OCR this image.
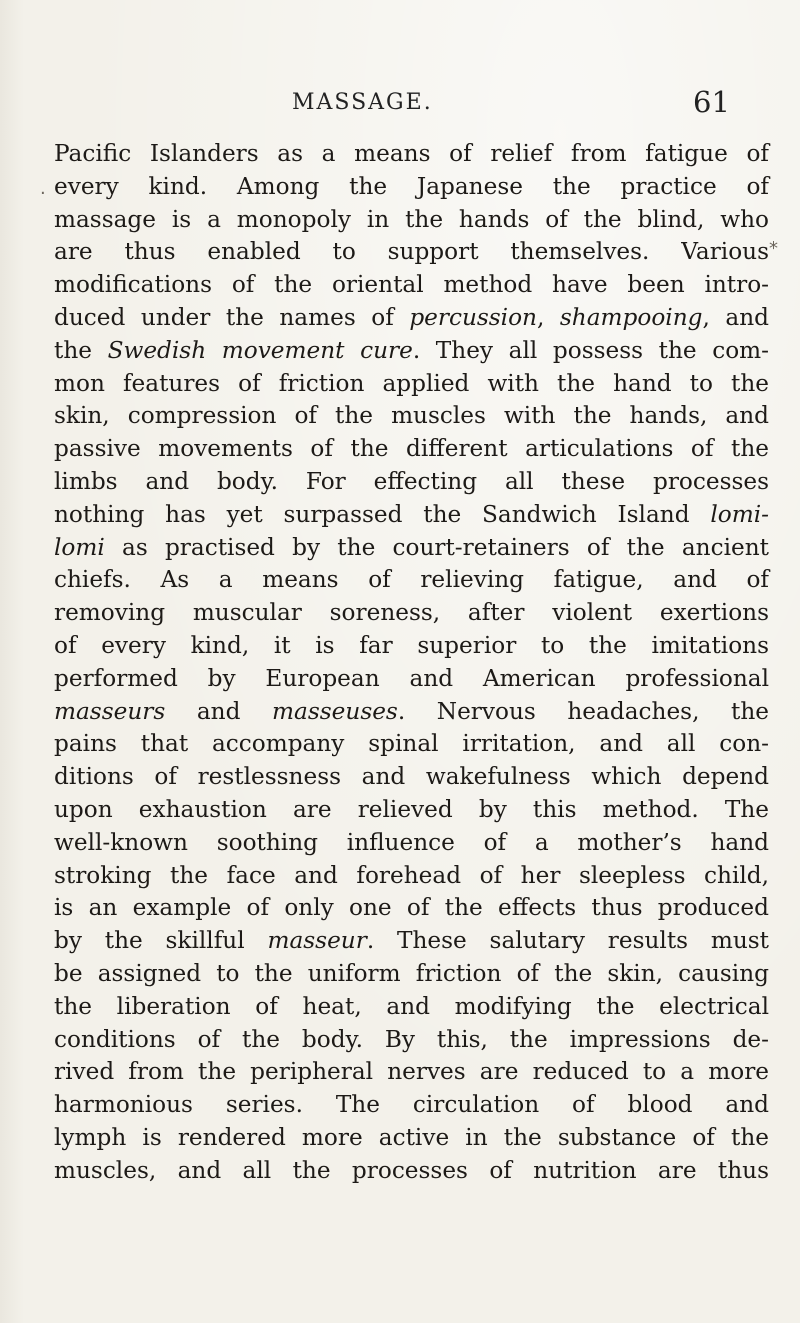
MASSAGE.	61
.
*
Pacific Islanders as a means of relief from fatigue of
every kind. Among the Japanese the practice of
massage is a monopoly in the hands of the blind, who
are thus enabled to support themselves. Various
modifications of the oriental method have been intro-
duced under the names of percussion, shampooing, and
the Swedish movement cure. They all possess the com-
mon features of friction applied with the hand to the
skin, compression of the muscles with the hands, and
passive movements of the different articulations of the
limbs and body. For effecting all these processes
nothing has yet surpassed the Sandwich Island lomi-
lomi as practised by the court-retainers of the ancient
chiefs. As a means of relieving fatigue, and of
removing muscular soreness, after violent exertions
of every kind, it is far superior to the imitations
performed by European and American professional
masseurs and masseuses. Nervous headaches, the
pains that accompany spinal irritation, and all con-
ditions of restlessness and wakefulness which depend
upon exhaustion are relieved by this method. The
well-known soothing influence of a mother’s hand
stroking the face and forehead of her sleepless child,
is an example of only one of the effects thus produced
by the skillful masseur. These salutary results must
be assigned to the uniform friction of the skin, causing
the liberation of heat, and modifying the electrical
conditions of the body. By this, the impressions de-
rived from the peripheral nerves are reduced to a more
harmonious series. The circulation of blood and
lymph is rendered more active in the substance of the
muscles, and all the processes of nutrition are thus
